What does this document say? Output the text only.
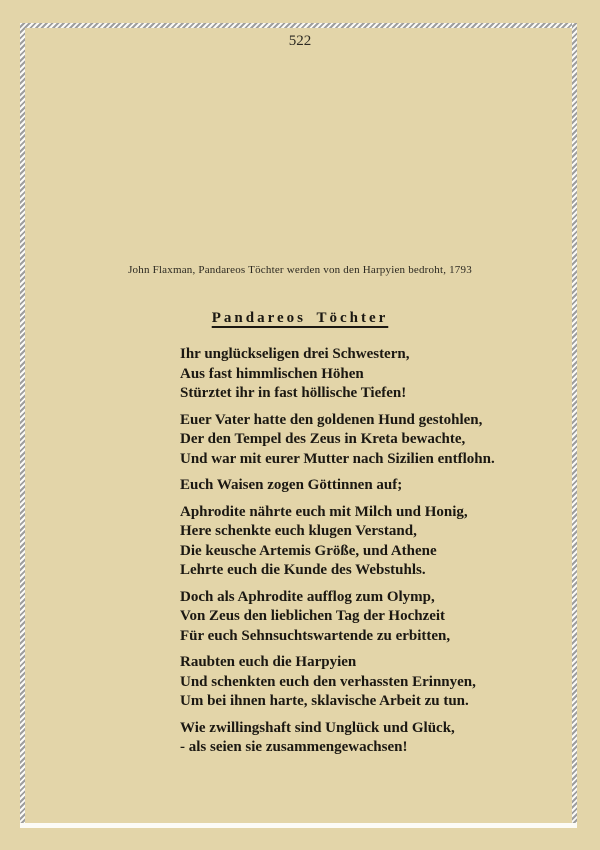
522
John Flaxman, Pandareos Töchter werden von den Harpyien bedroht, 1793
Pandareos Töchter

Ihr unglückseligen drei Schwestern,
Aus fast himmlischen Höhen
Stürztet ihr in fast höllische Tiefen!

Euer Vater hatte den goldenen Hund gestohlen,
Der den Tempel des Zeus in Kreta bewachte,
Und war mit eurer Mutter nach Sizilien entflohn.

Euch Waisen zogen Göttinnen auf;

Aphrodite nährte euch mit Milch und Honig,
Here schenkte euch klugen Verstand,
Die keusche Artemis Größe, und Athene
Lehrte euch die Kunde des Webstuhls.

Doch als Aphrodite aufflog zum Olymp,
Von Zeus den lieblichen Tag der Hochzeit
Für euch Sehnsuchtswartende zu erbitten,

Raubten euch die Harpyien
Und schenkten euch den verhassten Erinnyen,
Um bei ihnen harte, sklavische Arbeit zu tun.

Wie zwillingshaft sind Unglück und Glück,
- als seien sie zusammengewachsen!
